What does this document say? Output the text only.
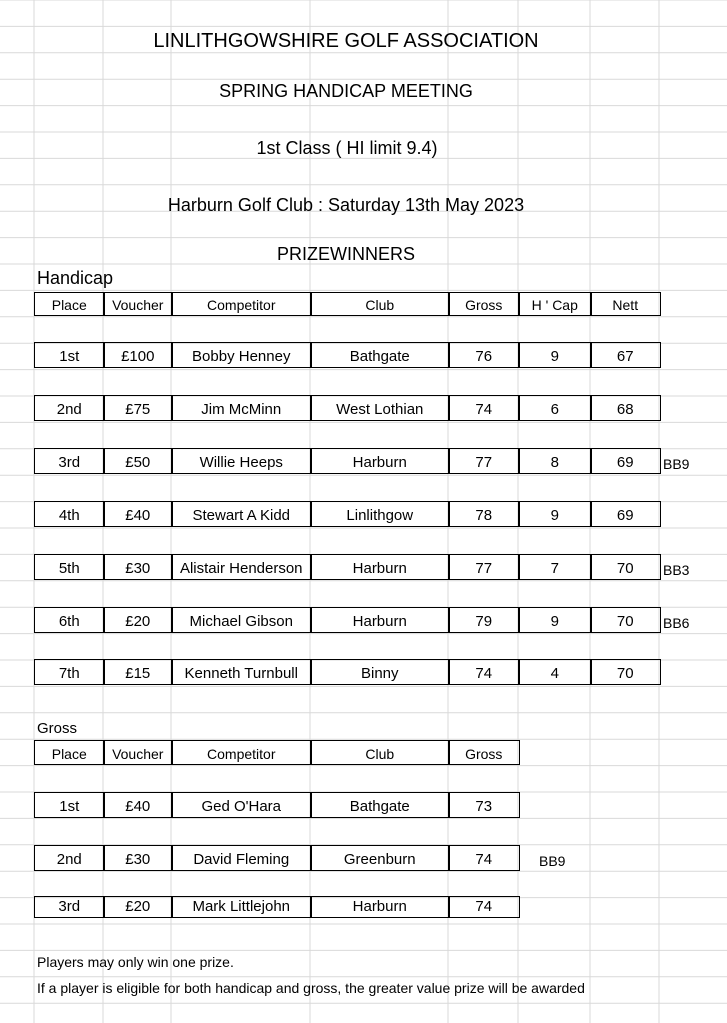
LINLITHGOWSHIRE GOLF ASSOCIATION
SPRING HANDICAP MEETING
1st Class ( HI limit 9.4)
Harburn Golf Club : Saturday 13th May 2023
PRIZEWINNERS
Handicap
Gross
Place	Voucher	Competitor	Club	Gross	H ' Cap	Nett
1st	£100	Bobby Henney	Bathgate	76	9	67
2nd	£75	Jim McMinn	West Lothian	74	6	68
3rd	£50	Willie Heeps	Harburn	77	8	69	BB9
4th	£40	Stewart A Kidd	Linlithgow	78	9	69
5th	£30	Alistair Henderson	Harburn	77	7	70	BB3
6th	£20	Michael Gibson	Harburn	79	9	70	BB6
7th	£15	Kenneth Turnbull	Binny	74	4	70
Place	Voucher	Competitor	Club	Gross
1st	£40	Ged O'Hara	Bathgate	73
2nd	£30	David Fleming	Greenburn	74	BB9
3rd	£20	Mark Littlejohn	Harburn	74
Players may only win one prize.
If a player is eligible for both handicap and gross, the greater value prize will be awarded
